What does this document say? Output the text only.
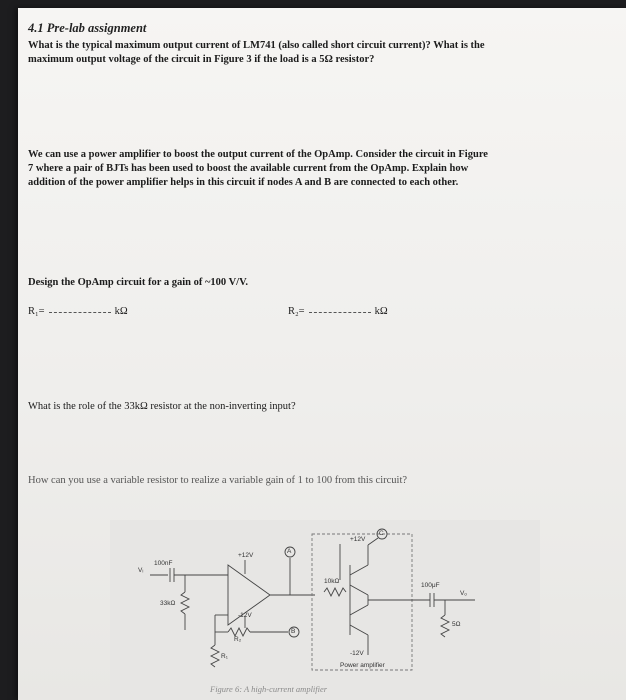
4.1 Pre-lab assignment
What is the typical maximum output current of LM741 (also called short circuit current)? What is the
maximum output voltage of the circuit in Figure 3 if the load is a 5Ω resistor?
We can use a power amplifier to boost the output current of the OpAmp. Consider the circuit in Figure
7 where a pair of BJTs has been used to boost the available current from the OpAmp. Explain how
addition of the power amplifier helps in this circuit if nodes A and B are connected to each other.
Design the OpAmp circuit for a gain of ~100 V/V.
R₁=	kΩ	R₂=	kΩ
What is the role of the 33kΩ resistor at the non-inverting input?
How can you use a variable resistor to realize a variable gain of 1 to 100 from this circuit?
Vᵢ
100nF
33kΩ
+12V
-12V
A
B
C
10kΩ
+12V
-12V
100μF
Vₒ
5Ω
R₂
R₁
Power amplifier
Figure 6: A high-current amplifier
